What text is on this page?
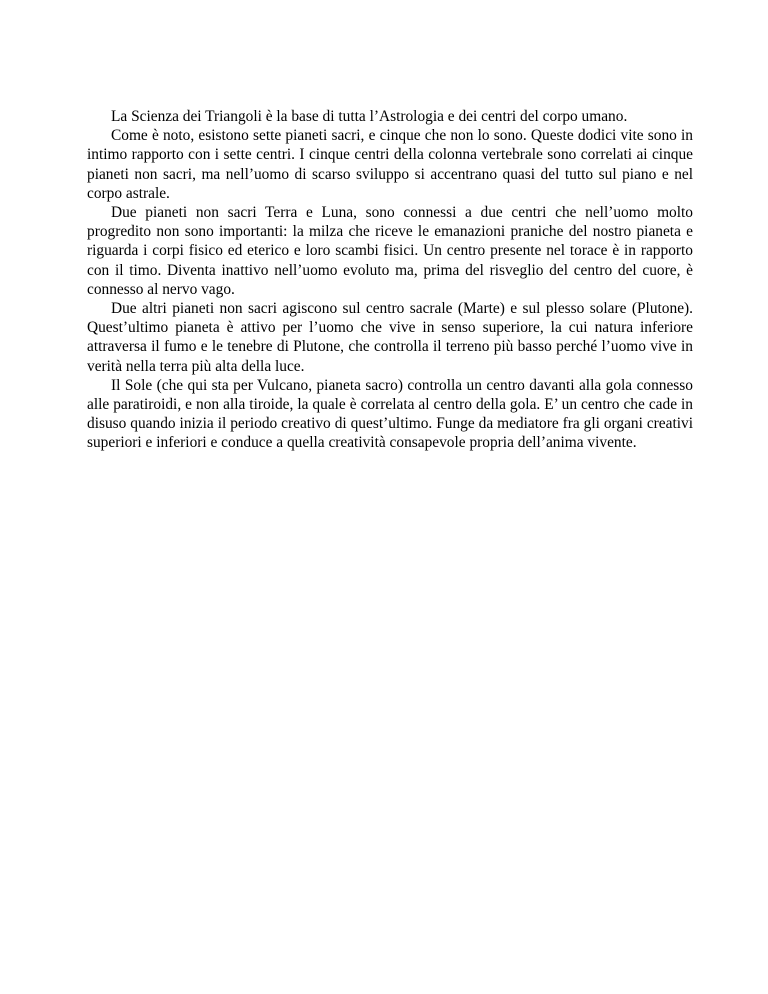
La Scienza dei Triangoli è la base di tutta l’Astrologia e dei centri del corpo umano.

Come è noto, esistono sette pianeti sacri, e cinque che non lo sono. Queste dodici vite sono in intimo rapporto con i sette centri. I cinque centri della colonna vertebrale sono correlati ai cinque pianeti non sacri, ma nell’uomo di scarso sviluppo si accentrano quasi del tutto sul piano e nel corpo astrale.

Due pianeti non sacri Terra e Luna, sono connessi a due centri che nell’uomo molto progredito non sono importanti: la milza che riceve le emanazioni praniche del nostro pianeta e riguarda i corpi fisico ed eterico e loro scambi fisici. Un centro presente nel torace è in rapporto con il timo. Diventa inattivo nell’uomo evoluto ma, prima del risveglio del centro del cuore, è connesso al nervo vago.

Due altri pianeti non sacri agiscono sul centro sacrale (Marte) e sul plesso solare (Plutone). Quest’ultimo pianeta è attivo per l’uomo che vive in senso superiore, la cui natura inferiore attraversa il fumo e le tenebre di Plutone, che controlla il terreno più basso perché l’uomo vive in verità nella terra più alta della luce.

Il Sole (che qui sta per Vulcano, pianeta sacro) controlla un centro davanti alla gola connesso alle paratiroidi, e non alla tiroide, la quale è correlata al centro della gola. E’ un centro che cade in disuso quando inizia il periodo creativo di quest’ultimo. Funge da mediatore fra gli organi creativi superiori e inferiori e conduce a quella creatività consapevole propria dell’anima vivente.
